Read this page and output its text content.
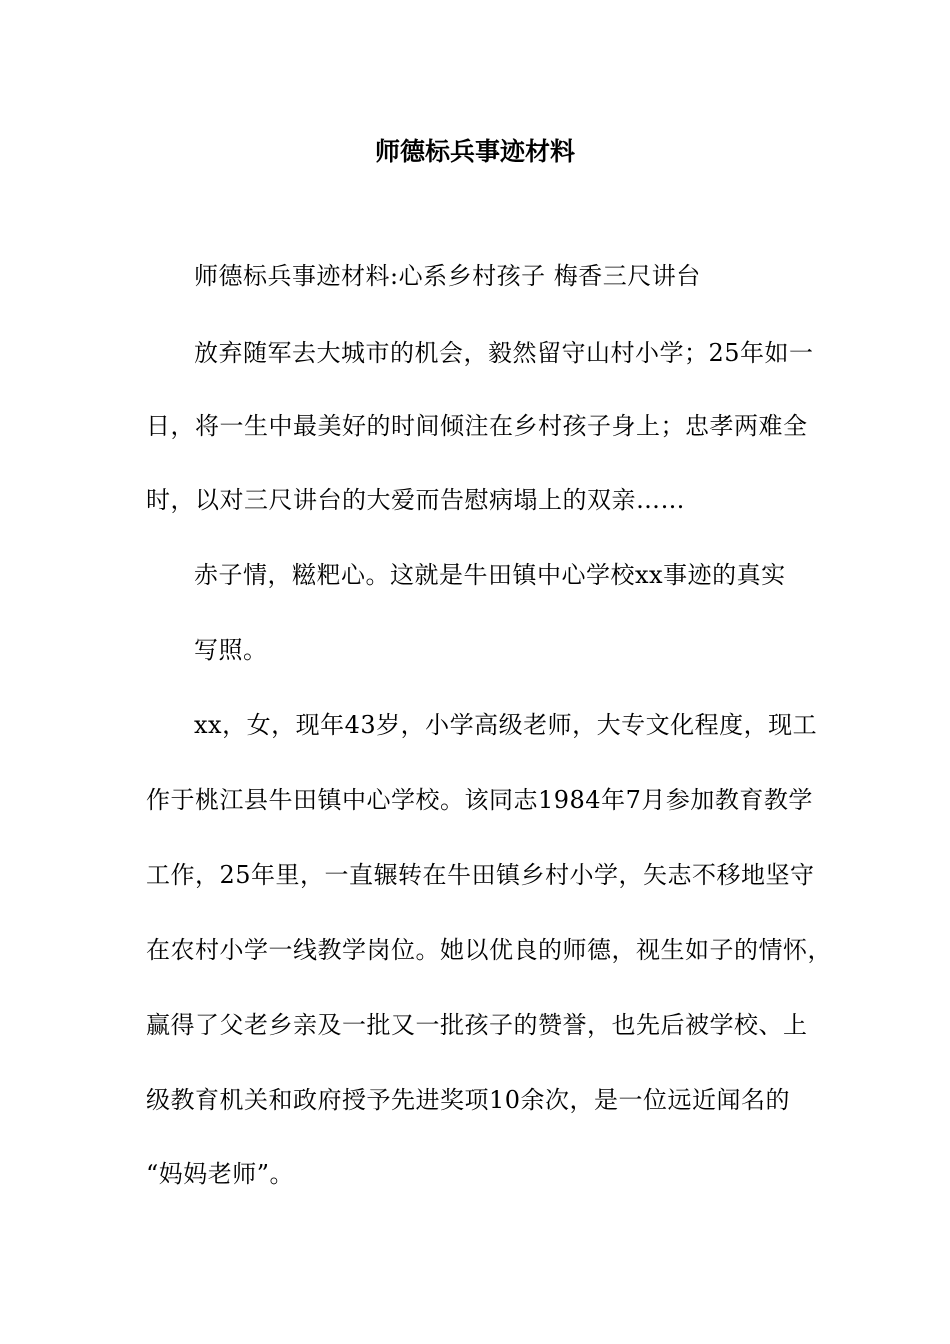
师德标兵事迹材料
师德标兵事迹材料:心系乡村孩子 梅香三尺讲台
放弃随军去大城市的机会，毅然留守山村小学；25年如一
日，将一生中最美好的时间倾注在乡村孩子身上；忠孝两难全
时，以对三尺讲台的大爱而告慰病塌上的双亲……
赤子情，糍粑心。这就是牛田镇中心学校xx事迹的真实
写照。
xx，女，现年43岁，小学高级老师，大专文化程度，现工
作于桃江县牛田镇中心学校。该同志1984年7月参加教育教学
工作，25年里，一直辗转在牛田镇乡村小学，矢志不移地坚守
在农村小学一线教学岗位。她以优良的师德，视生如子的情怀，
赢得了父老乡亲及一批又一批孩子的赞誉，也先后被学校、上
级教育机关和政府授予先进奖项10余次，是一位远近闻名的
“妈妈老师”。
